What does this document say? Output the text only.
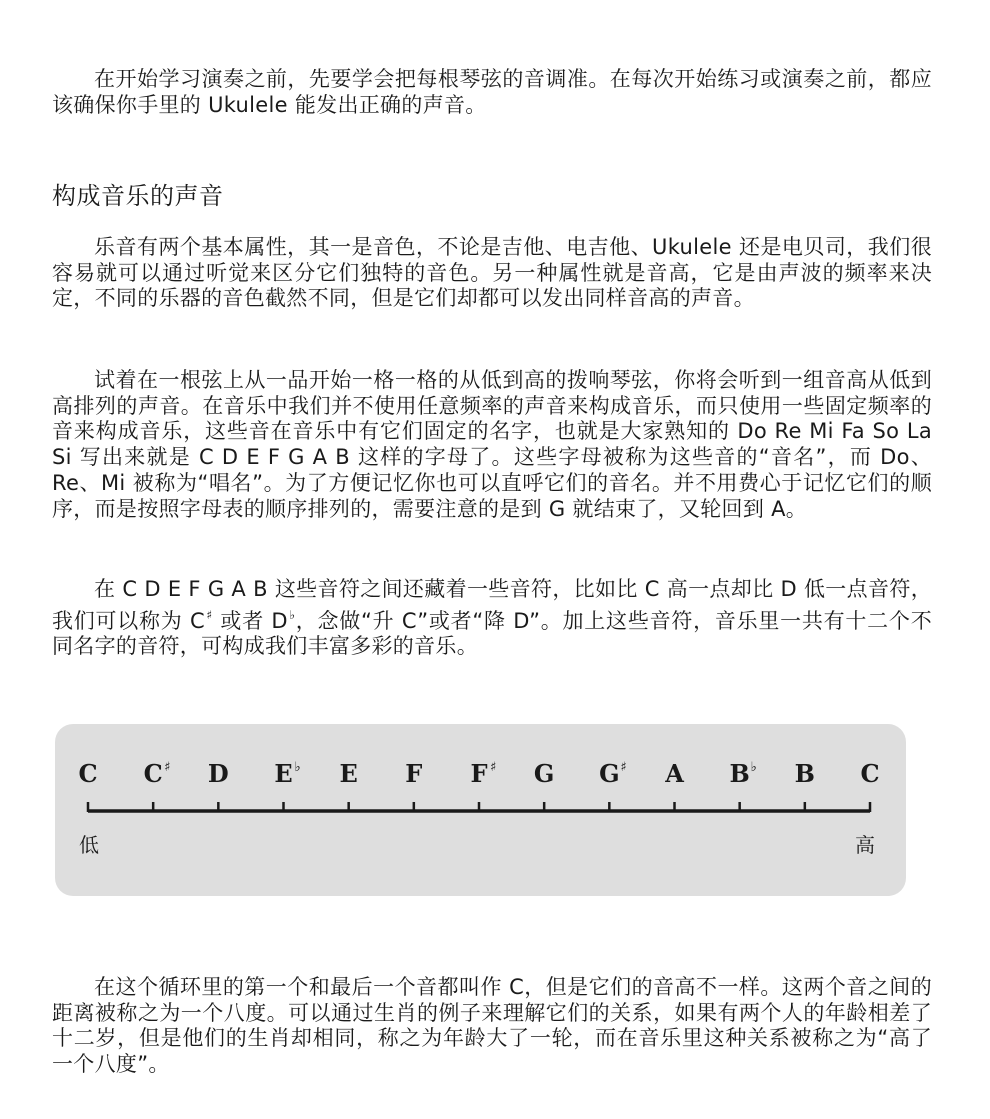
在开始学习演奏之前，先要学会把每根琴弦的音调准。在每次开始练习或演奏之前，都应该确保你手里的 Ukulele 能发出正确的声音。

构成音乐的声音

乐音有两个基本属性，其一是音色，不论是吉他、电吉他、Ukulele 还是电贝司，我们很容易就可以通过听觉来区分它们独特的音色。另一种属性就是音高，它是由声波的频率来决定，不同的乐器的音色截然不同，但是它们却都可以发出同样音高的声音。

试着在一根弦上从一品开始一格一格的从低到高的拨响琴弦，你将会听到一组音高从低到高排列的声音。在音乐中我们并不使用任意频率的声音来构成音乐，而只使用一些固定频率的音来构成音乐，这些音在音乐中有它们固定的名字，也就是大家熟知的 Do Re Mi Fa So La Si 写出来就是 C D E F G A B 这样的字母了。这些字母被称为这些音的“音名”，而 Do、Re、Mi 被称为“唱名”。为了方便记忆你也可以直呼它们的音名。并不用费心于记忆它们的顺序，而是按照字母表的顺序排列的，需要注意的是到 G 就结束了，又轮回到 A。

在 C D E F G A B 这些音符之间还藏着一些音符，比如比 C 高一点却比 D 低一点音符，我们可以称为 C♯ 或者 D♭，念做“升 C”或者“降 D”。加上这些音符，音乐里一共有十二个不同名字的音符，可构成我们丰富多彩的音乐。

C C ♯ D E ♭ E F F ♯ G G ♯ A B ♭ B C
低	高

在这个循环里的第一个和最后一个音都叫作 C，但是它们的音高不一样。这两个音之间的距离被称之为一个八度。可以通过生肖的例子来理解它们的关系，如果有两个人的年龄相差了十二岁，但是他们的生肖却相同，称之为年龄大了一轮，而在音乐里这种关系被称之为“高了一个八度”。
